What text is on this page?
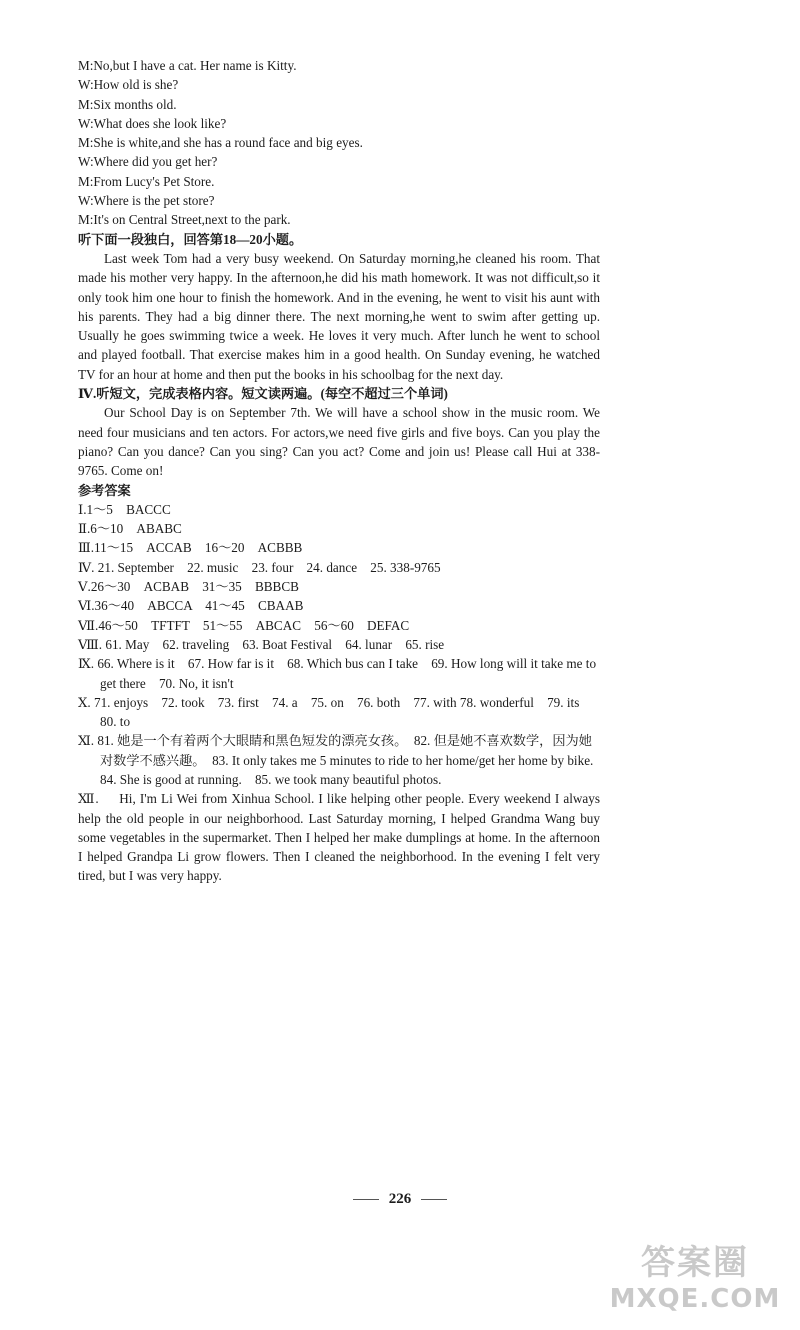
M:No,but I have a cat. Her name is Kitty.
W:How old is she?
M:Six months old.
W:What does she look like?
M:She is white,and she has a round face and big eyes.
W:Where did you get her?
M:From Lucy's Pet Store.
W:Where is the pet store?
M:It's on Central Street,next to the park.
听下面一段独白，回答第18—20小题。
Last week Tom had a very busy weekend. On Saturday morning,he cleaned his room. That made his mother very happy. In the afternoon,he did his math homework. It was not difficult,so it only took him one hour to finish the homework. And in the evening, he went to visit his aunt with his parents. They had a big dinner there. The next morning,he went to swim after getting up. Usually he goes swimming twice a week. He loves it very much. After lunch he went to school and played football. That exercise makes him in a good health. On Sunday evening, he watched TV for an hour at home and then put the books in his schoolbag for the next day.
Ⅳ.听短文，完成表格内容。短文读两遍。(每空不超过三个单词)
Our School Day is on September 7th. We will have a school show in the music room. We need four musicians and ten actors. For actors,we need five girls and five boys. Can you play the piano? Can you dance? Can you sing? Can you act? Come and join us! Please call Hui at 338-9765. Come on!
参考答案
Ⅰ.1～5　BACCC
Ⅱ.6～10　ABABC
Ⅲ.11～15　ACCAB　16～20　ACBBB
Ⅳ. 21. September　22. music　23. four　24. dance　25. 338-9765
Ⅴ.26～30　ACBAB　31～35　BBBCB
Ⅵ.36～40　ABCCA　41～45　CBAAB
Ⅶ.46～50　TFTFT　51～55　ABCAC　56～60　DEFAC
Ⅷ. 61. May　62. traveling　63. Boat Festival　64. lunar　65. rise
Ⅸ. 66. Where is it　67. How far is it　68. Which bus can I take　69. How long will it take me to get there　70. No, it isn't
Ⅹ. 71. enjoys　72. took　73. first　74. a　75. on　76. both　77. with 78. wonderful　79. its　80. to
Ⅺ. 81. 她是一个有着两个大眼睛和黑色短发的漂亮女孩。　82. 但是她不喜欢数学，因为她对数学不感兴趣。　83. It only takes me 5 minutes to ride to her home/get her home by bike.　84. She is good at running.　85. we took many beautiful photos.
Ⅻ. Hi, I'm Li Wei from Xinhua School. I like helping other people. Every weekend I always help the old people in our neighborhood. Last Saturday morning, I helped Grandma Wang buy some vegetables in the supermarket. Then I helped her make dumplings at home. In the afternoon I helped Grandpa Li grow flowers. Then I cleaned the neighborhood. In the evening I felt very tired, but I was very happy.
226
答案圈
MXQE.COM
